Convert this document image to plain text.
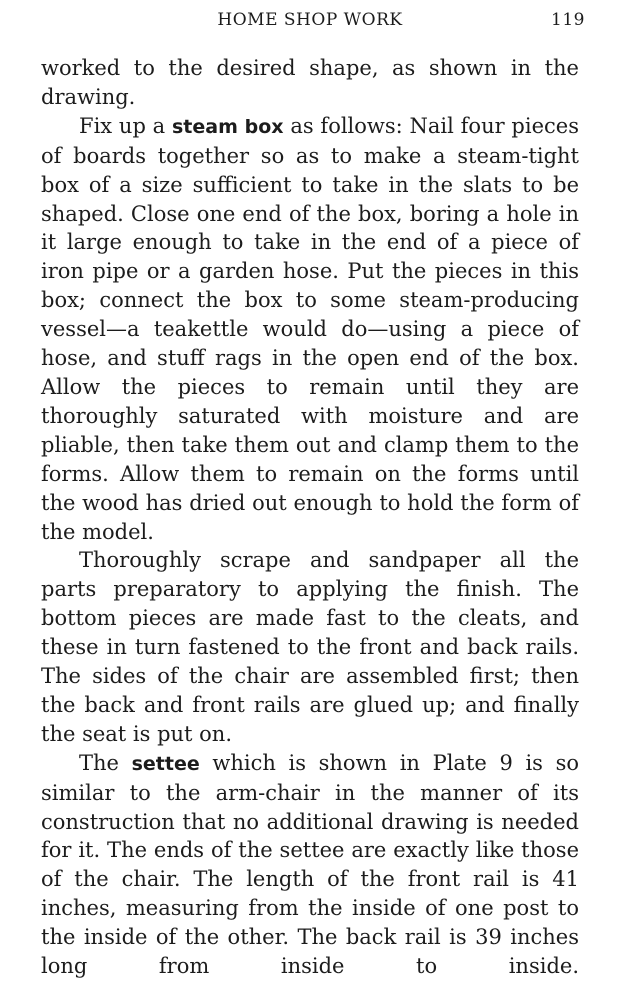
HOME SHOP WORK	119

worked to the desired shape, as shown in the drawing.

Fix up a steam box as follows: Nail four pieces of boards together so as to make a steam-tight box of a size sufficient to take in the slats to be shaped. Close one end of the box, boring a hole in it large enough to take in the end of a piece of iron pipe or a garden hose. Put the pieces in this box; connect the box to some steam-producing vessel—a teakettle would do—using a piece of hose, and stuff rags in the open end of the box. Allow the pieces to remain until they are thoroughly saturated with moisture and are pliable, then take them out and clamp them to the forms. Allow them to remain on the forms until the wood has dried out enough to hold the form of the model.

Thoroughly scrape and sandpaper all the parts preparatory to applying the finish. The bottom pieces are made fast to the cleats, and these in turn fastened to the front and back rails. The sides of the chair are assembled first; then the back and front rails are glued up; and finally the seat is put on.

The settee which is shown in Plate 9 is so similar to the arm-chair in the manner of its construction that no additional drawing is needed for it. The ends of the settee are exactly like those of the chair. The length of the front rail is 41 inches, measuring from the inside of one post to the inside of the other. The back rail is 39 inches long from inside to inside.
